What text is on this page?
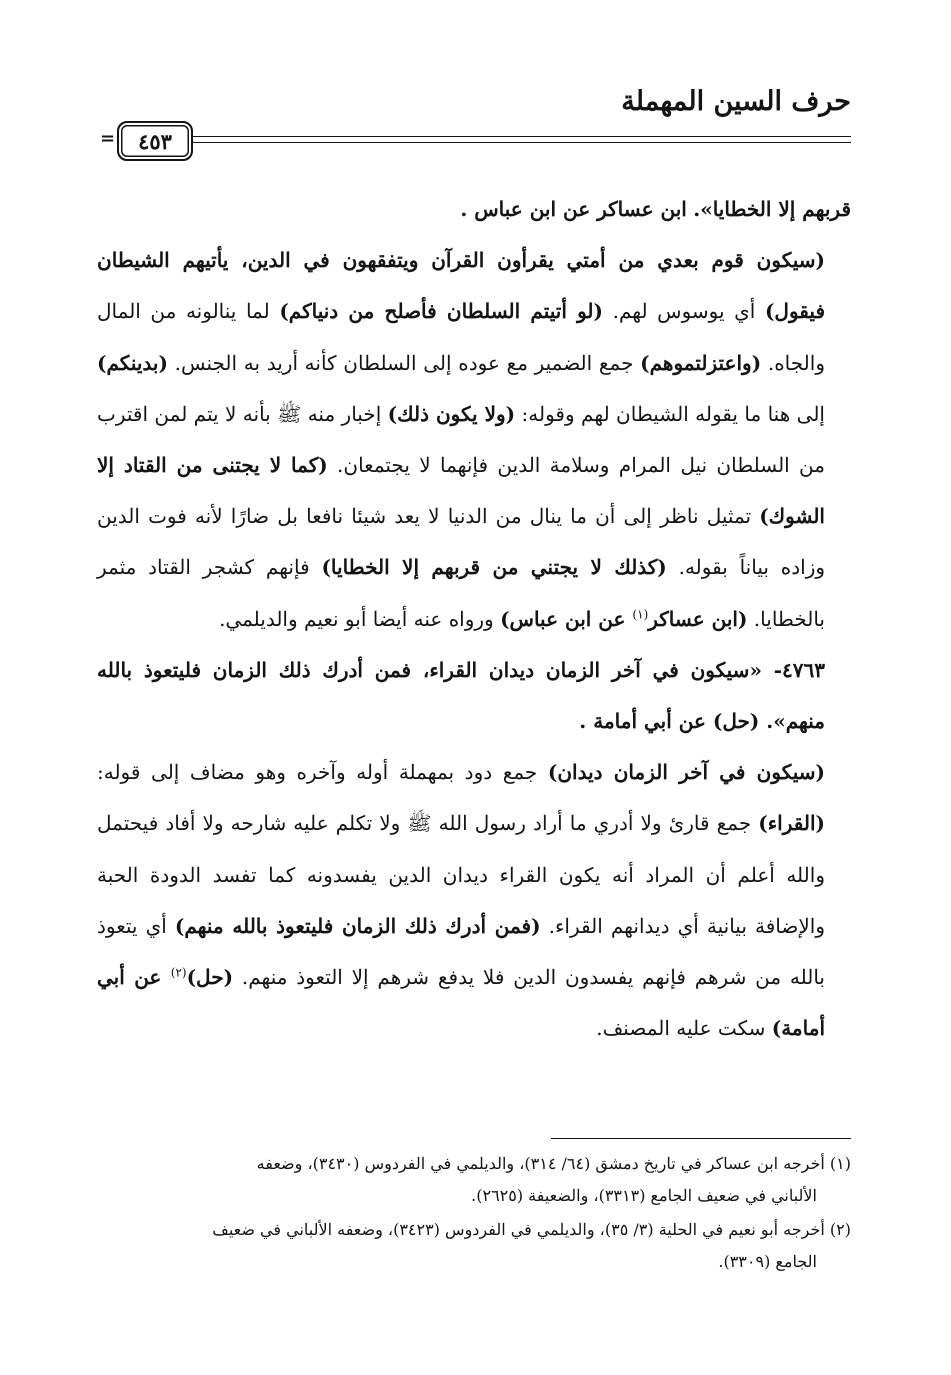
حرف السين المهملة
=	٤٥٣

قربهم إلا الخطايا». ابن عساكر عن ابن عباس .

(سيكون قوم بعدي من أمتي يقرأون القرآن ويتفقهون في الدين، يأتيهم الشيطان فيقول) أي يوسوس لهم. (لو أتيتم السلطان فأصلح من دنياكم) لما ينالونه من المال والجاه. (واعتزلتموهم) جمع الضمير مع عوده إلى السلطان كأنه أريد به الجنس. (بدينكم) إلى هنا ما يقوله الشيطان لهم وقوله: (ولا يكون ذلك) إخبار منه ﷺ بأنه لا يتم لمن اقترب من السلطان نيل المرام وسلامة الدين فإنهما لا يجتمعان. (كما لا يجتنى من القتاد إلا الشوك) تمثيل ناظر إلى أن ما ينال من الدنيا لا يعد شيئا نافعا بل ضارًا لأنه فوت الدين وزاده بياناً بقوله. (كذلك لا يجتني من قربهم إلا الخطايا) فإنهم كشجر القتاد مثمر بالخطايا. (ابن عساكر$^{(١)}$ عن ابن عباس) ورواه عنه أيضا أبو نعيم والديلمي.

٤٧٦٣- «سيكون في آخر الزمان ديدان القراء، فمن أدرك ذلك الزمان فليتعوذ بالله منهم». (حل) عن أبي أمامة .

(سيكون في آخر الزمان ديدان) جمع دود بمهملة أوله وآخره وهو مضاف إلى قوله: (القراء) جمع قارئ ولا أدري ما أراد رسول الله ﷺ ولا تكلم عليه شارحه ولا أفاد فيحتمل والله أعلم أن المراد أنه يكون القراء ديدان الدين يفسدونه كما تفسد الدودة الحبة والإضافة بيانية أي ديدانهم القراء. (فمن أدرك ذلك الزمان فليتعوذ بالله منهم) أي يتعوذ بالله من شرهم فإنهم يفسدون الدين فلا يدفع شرهم إلا التعوذ منهم. (حل)$^{(٢)}$ عن أبي أمامة) سكت عليه المصنف.

(١) أخرجه ابن عساكر في تاريخ دمشق (٦٤/ ٣١٤)، والديلمي في الفردوس (٣٤٣٠)، وضعفه
الألباني في ضعيف الجامع (٣٣١٣)، والضعيفة (٢٦٢٥).

(٢) أخرجه أبو نعيم في الحلية (٣/ ٣٥)، والديلمي في الفردوس (٣٤٢٣)، وضعفه الألباني في ضعيف
الجامع (٣٣٠٩).
